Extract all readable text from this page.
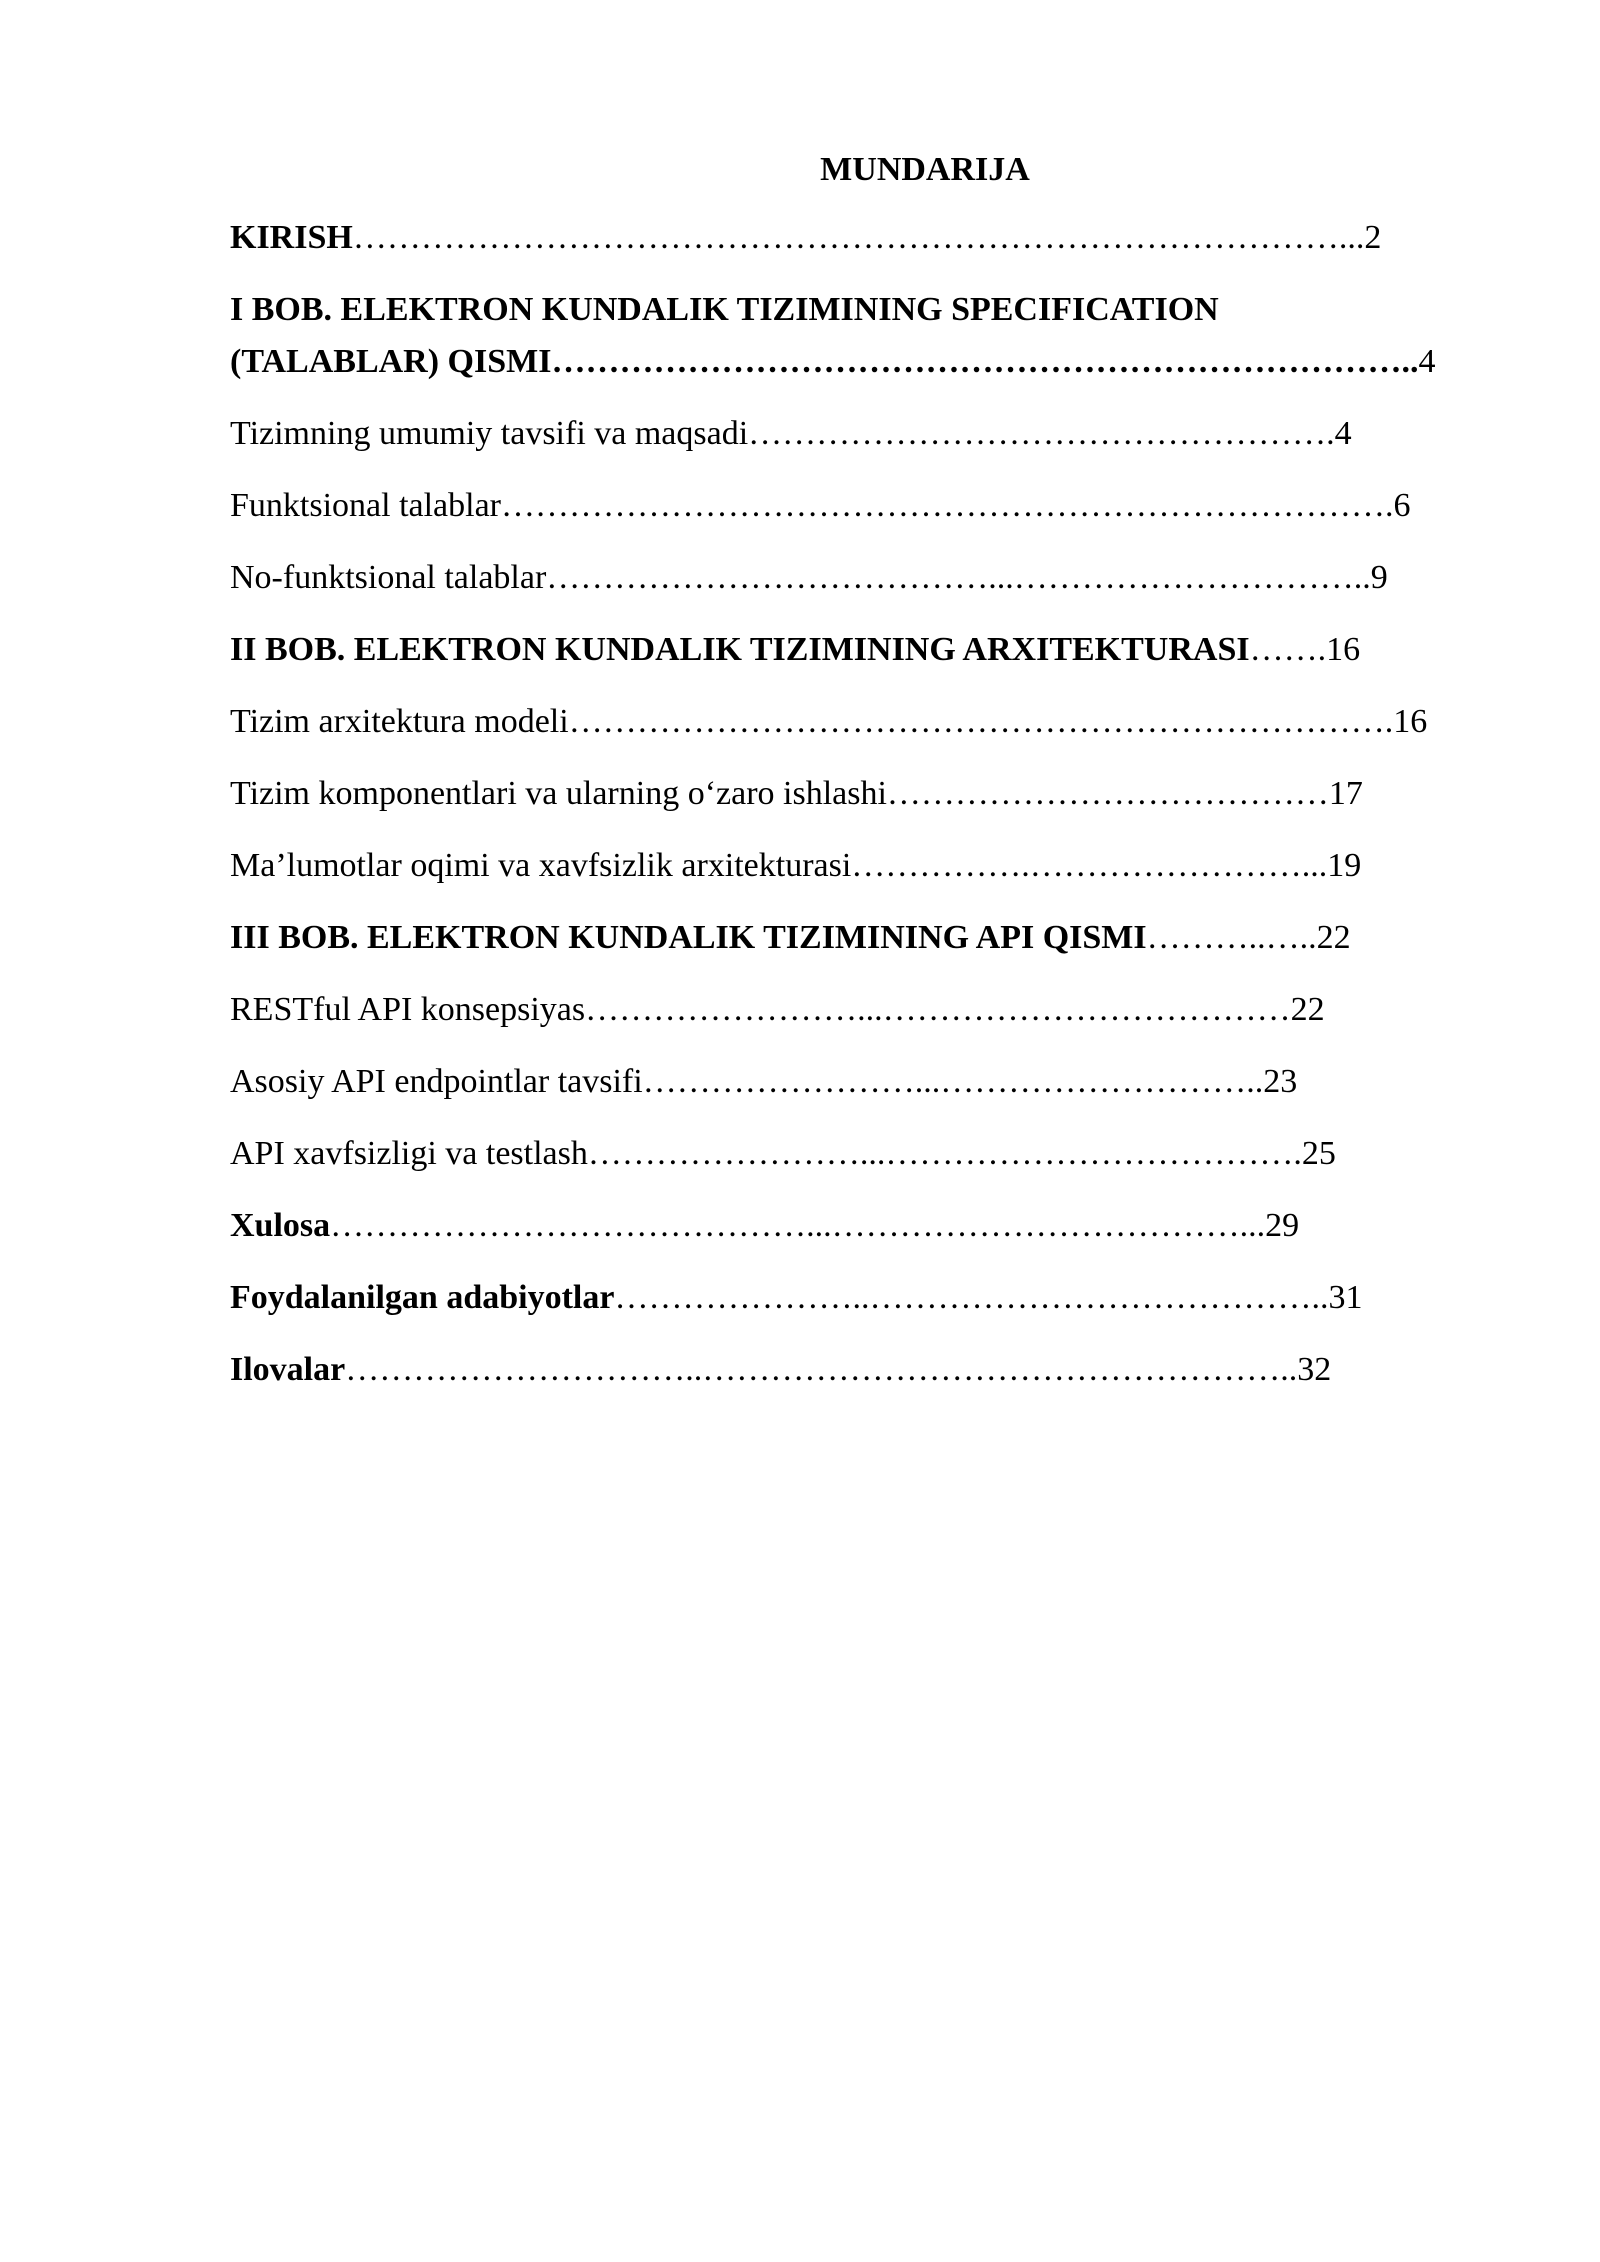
MUNDARIJA
KIRISH……………………………………………………………………………...2
I BOB. ELEKTRON KUNDALIK TIZIMINING SPECIFICATION
(TALABLAR) QISMI…………………………………………………………………..4
Tizimning umumiy tavsifi va maqsadi…………………………………………….4
Funktsional talablar…………………………………………………………………….6
No-funktsional talablar…………………………………...…………………………..9
II BOB. ELEKTRON KUNDALIK TIZIMINING ARXITEKTURASI…….16
Tizim arxitektura modeli……………………………………………………………….16
Tizim komponentlari va ularning o‘zaro ishlashi…………………………………17
Ma’lumotlar oqimi va xavfsizlik arxitekturasi…………….……………………...19
III BOB. ELEKTRON KUNDALIK TIZIMINING API QISMI………..…..22
RESTful API konsepsiyas……………………...………………………………22
Asosiy API endpointlar tavsifi……………………...………………………..23
API xavfsizligi va testlash……………………...……………………………….25
Xulosa……………………………………...………………………………...29
Foydalanilgan adabiyotlar…………………..…………………………………..31
Ilovalar…………………………..……………………………………………..32
